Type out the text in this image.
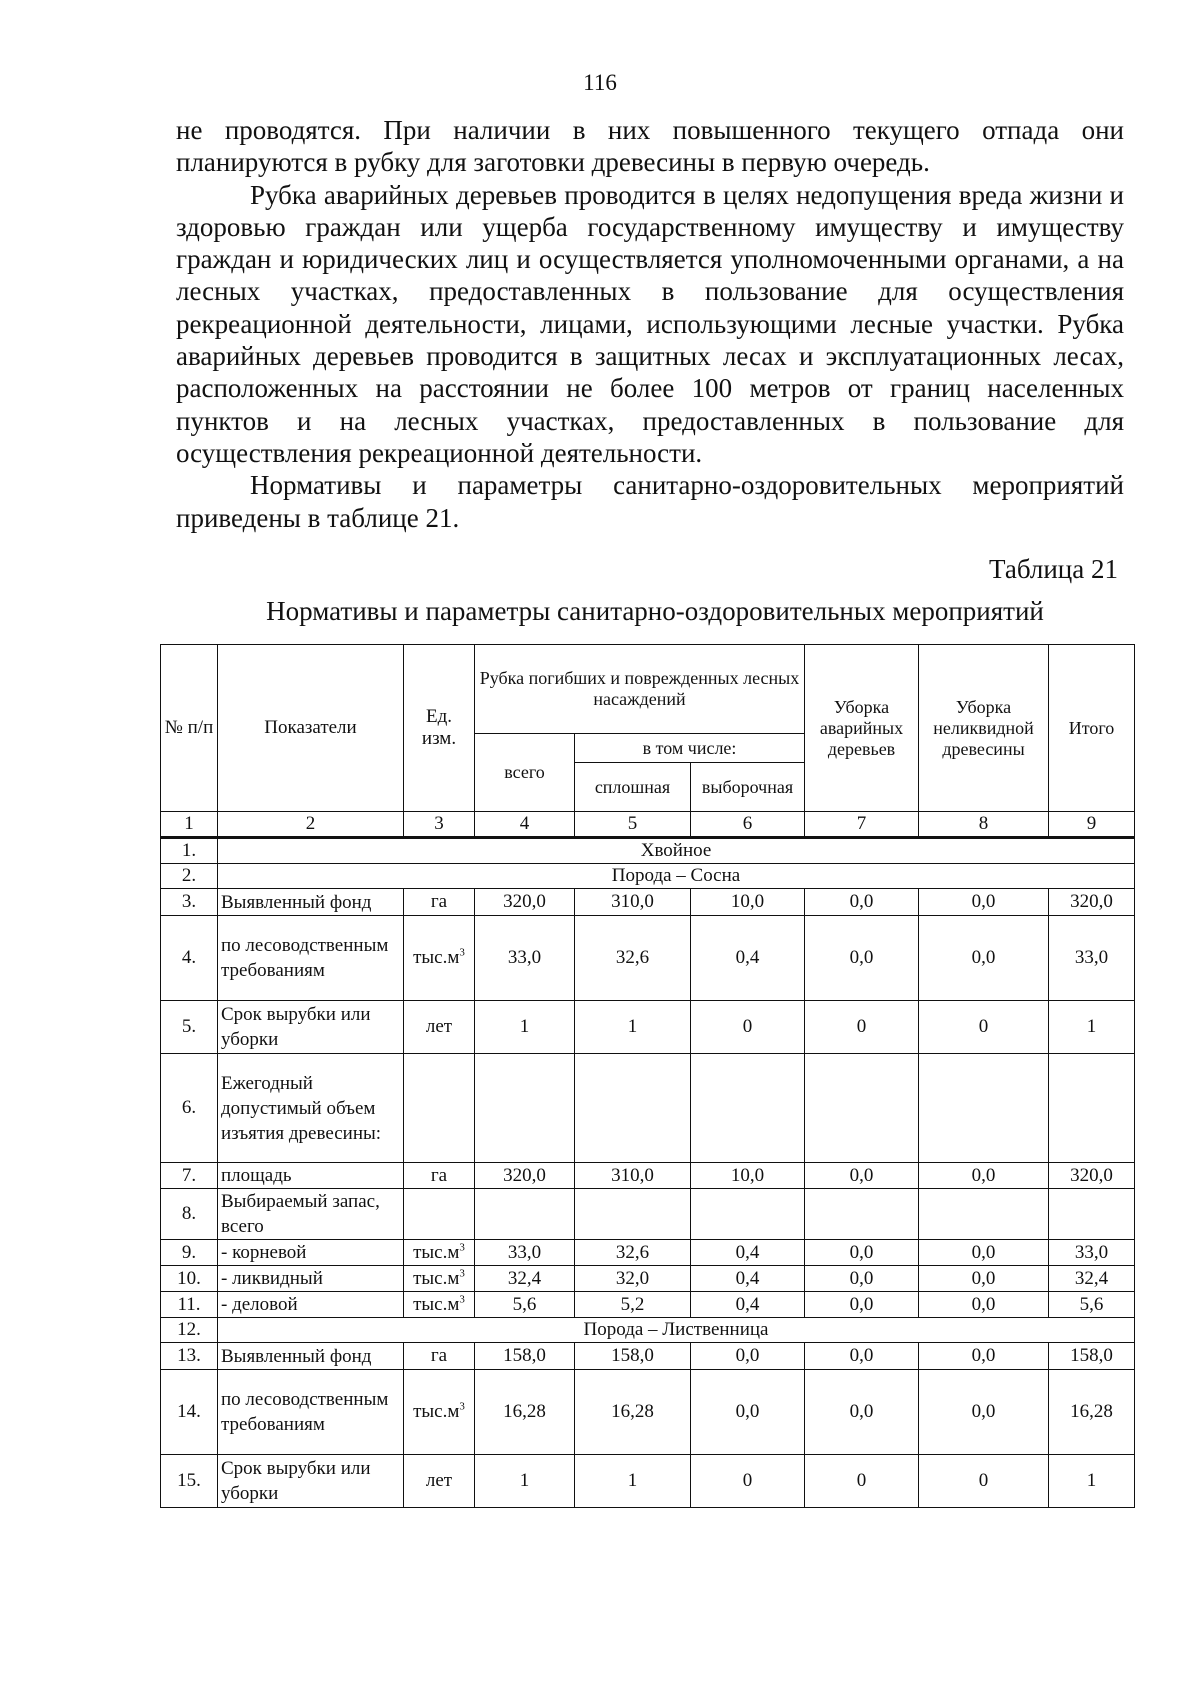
116

не проводятся. При наличии в них повышенного текущего отпада они планируются в рубку для заготовки древесины в первую очередь.

Рубка аварийных деревьев проводится в целях недопущения вреда жизни и здоровью граждан или ущерба государственному имуществу и имуществу граждан и юридических лиц и осуществляется уполномоченными органами, а на лесных участках, предоставленных в пользование для осуществления рекреационной деятельности, лицами, использующими лесные участки. Рубка аварийных деревьев проводится в защитных лесах и эксплуатационных лесах, расположенных на расстоянии не более 100 метров от границ населенных пунктов и на лесных участках, предоставленных в пользование для осуществления рекреационной деятельности.

Нормативы и параметры санитарно-оздоровительных мероприятий приведены в таблице 21.

Таблица 21
Нормативы и параметры санитарно-оздоровительных мероприятий
№ п/п	Показатели	Ед. изм.	Рубка погибших и поврежденных лесных насаждений			Уборка аварийных деревьев	Уборка неликвидной древесины	Итого
			всего	в том числе:				
				сплошная	выборочная			
1	2	3	4	5	6	7	8	9
1.	Хвойное							
2.	Порода – Сосна							
3.	Выявленный фонд	га	320,0	310,0	10,0	0,0	0,0	320,0
4.	по лесоводственным требованиям	$тыс.м^3$	33,0	32,6	0,4	0,0	0,0	33,0
5.	Срок вырубки или уборки	лет	1	1	0	0	0	1
6.	Ежегодный допустимый объем изъятия древесины:							
7.	площадь	га	320,0	310,0	10,0	0,0	0,0	320,0
8.	Выбираемый запас, всего							
9.	- корневой	$тыс.м^3$	33,0	32,6	0,4	0,0	0,0	33,0
10.	- ликвидный	$тыс.м^3$	32,4	32,0	0,4	0,0	0,0	32,4
11.	- деловой	$тыс.м^3$	5,6	5,2	0,4	0,0	0,0	5,6
12.	Порода – Лиственница							
13.	Выявленный фонд	га	158,0	158,0	0,0	0,0	0,0	158,0
14.	по лесоводственным требованиям	$тыс.м^3$	16,28	16,28	0,0	0,0	0,0	16,28
15.	Срок вырубки или уборки	лет	1	1	0	0	0	1
